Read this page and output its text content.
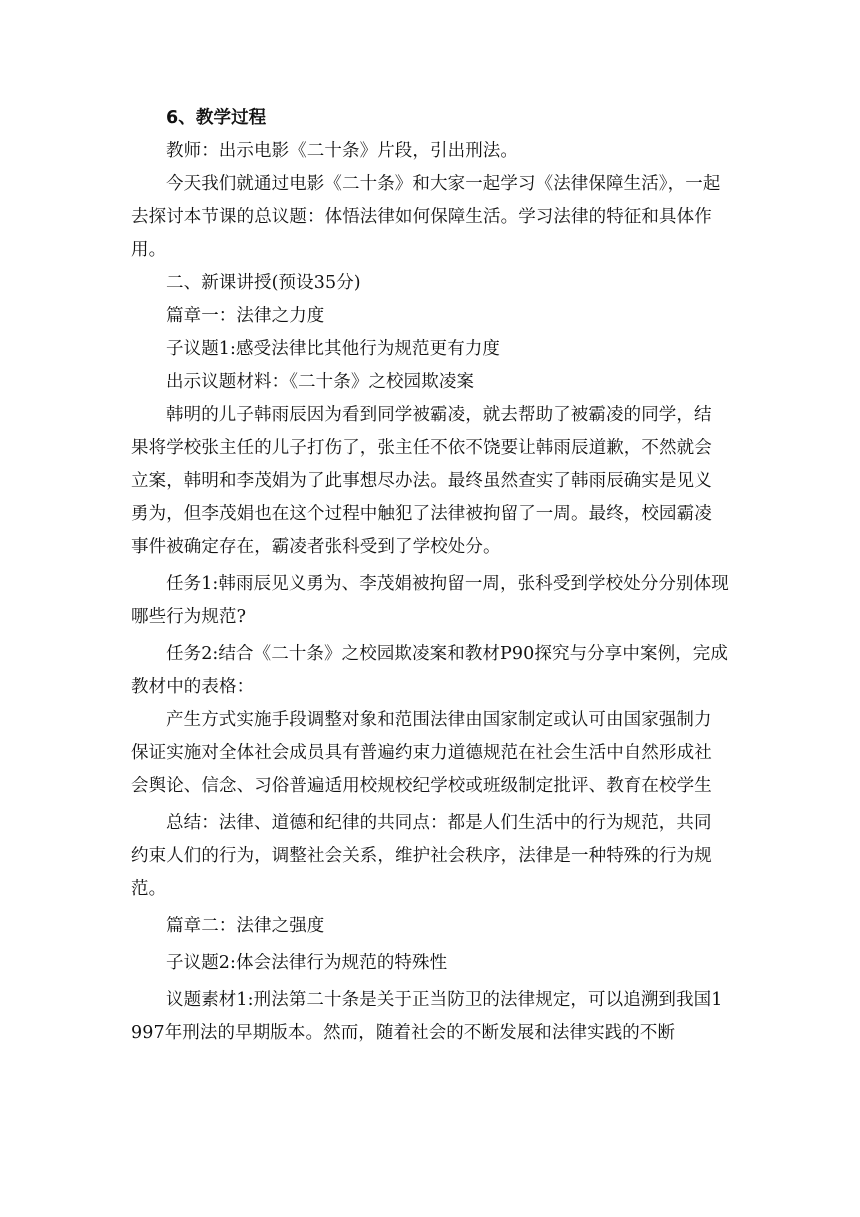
6、教学过程

教师：出示电影《二十条》片段，引出刑法。

今天我们就通过电影《二十条》和大家一起学习《法律保障生活》，一起去探讨本节课的总议题：体悟法律如何保障生活。学习法律的特征和具体作用。

二、新课讲授(预设35分)

篇章一：法律之力度

子议题1:感受法律比其他行为规范更有力度

出示议题材料：《二十条》之校园欺凌案

韩明的儿子韩雨辰因为看到同学被霸凌，就去帮助了被霸凌的同学，结果将学校张主任的儿子打伤了，张主任不依不饶要让韩雨辰道歉，不然就会立案，韩明和李茂娟为了此事想尽办法。最终虽然查实了韩雨辰确实是见义勇为，但李茂娟也在这个过程中触犯了法律被拘留了一周。最终，校园霸凌事件被确定存在，霸凌者张科受到了学校处分。

任务1:韩雨辰见义勇为、李茂娟被拘留一周，张科受到学校处分分别体现哪些行为规范?

任务2:结合《二十条》之校园欺凌案和教材P90探究与分享中案例，完成教材中的表格：

产生方式实施手段调整对象和范围法律由国家制定或认可由国家强制力保证实施对全体社会成员具有普遍约束力道德规范在社会生活中自然形成社会舆论、信念、习俗普遍适用校规校纪学校或班级制定批评、教育在校学生

总结：法律、道德和纪律的共同点：都是人们生活中的行为规范，共同约束人们的行为，调整社会关系，维护社会秩序，法律是一种特殊的行为规范。

篇章二：法律之强度

子议题2:体会法律行为规范的特殊性

议题素材1:刑法第二十条是关于正当防卫的法律规定，可以追溯到我国1997年刑法的早期版本。然而，随着社会的不断发展和法律实践的不断
